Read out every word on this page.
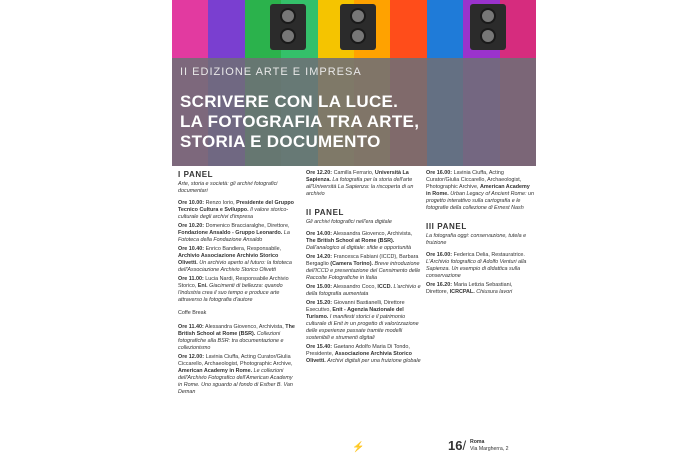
II EDIZIONE ARTE E IMPRESA
SCRIVERE CON LA LUCE.
LA FOTOGRAFIA TRA ARTE,
STORIA E DOCUMENTO
I PANEL
Arte, storia e società: gli archivi fotografici documentari
Ore 10.00: Renzo Iorio, Presidente del Gruppo Tecnico Cultura e Sviluppo. Il valore storico-culturale degli archivi d'impresa
Ore 10.20: Domenico Bracciaralghe, Direttore, Fondazione Ansaldo - Gruppo Leonardo. La Fototeca della Fondazione Ansaldo
Ore 10.40: Enrico Bandiera, Responsabile, Archivio Associazione Archivio Storico Olivetti. Un archivio aperto al futuro: la fototeca dell'Associazione Archivio Storico Olivetti
Ore 11.00: Lucia Nardi, Responsabile Archivio Storico, Eni. Giacimenti di bellezza: quando l'industria crea il suo tempo e produce arte attraverso la fotografia d'autore
Coffe Break
Ore 11.40: Alessandra Giovenco, Archivista, The British School at Rome (BSR). Collezioni fotografiche alla BSR: tra documentazione e collezionismo
Ore 12.00: Lavinia Ciuffa, Acting Curator/Giulia Ciccarello, Archaeologist, Photographic Archive, American Academy in Rome. Le collezioni dell'Archivio Fotografico dell'American Academy in Rome. Uno sguardo al fondo di Esther B. Van Deman
Ore 12.20: Camilla Ferrario, Università La Sapienza. La fotografia per la storia dell'arte all'Università La Sapienza: la riscoperta di un archivio
II PANEL
Gli archivi fotografici nell'era digitale
Ore 14.00: Alessandra Giovenco, Archivista, The British School at Rome (BSR). Dall'analogico al digitale: sfide e opportunità
Ore 14.20: Francesca Fabiani (ICCD), Barbara Bergaglio (Camera Torino). Breve introduzione dell'ICCD e presentazione del Censimento delle Raccolte Fotografiche in Italia
Ore 15.00: Alessandro Coco, ICCD. L'archivio e della fotografia aumentata
Ore 15.20: Giovanni Bastianelli, Direttore Esecutivo, Enit - Agenzia Nazionale del Turismo. I manifesti storici e il patrimonio culturale di Enit in un progetto di valorizzazione delle esperienze passate tramite modelli sostenibili e strumenti digitali
Ore 15.40: Gaetano Adolfo Maria Di Tondo, Presidente, Associazione Archivia Storico Olivetti. Archivi digitali per una fruizione globale
Ore 16.00: Lavinia Ciuffa, Acting Curator/Giulia Ciccarello, Archaeologist, Photographic Archive, American Academy in Rome. Urban Legacy of Ancient Rome: un progetto interattivo sulla cartografia e le fotografie della collezione di Ernest Nash
III PANEL
La fotografia oggi: conservazione, tutela e fruizione
Ore 16.00: Federica Delia, Restauratrice. L'Archivio fotografico di Adolfo Venturi alla Sapienza. Un esempio di didattica sulla conservazione
Ore 16.20: Maria Letizia Sebastiani, Direttore, ICRCPAL. Chiusura lavori
⚡	16/ Roma
Via Margherra, 2
